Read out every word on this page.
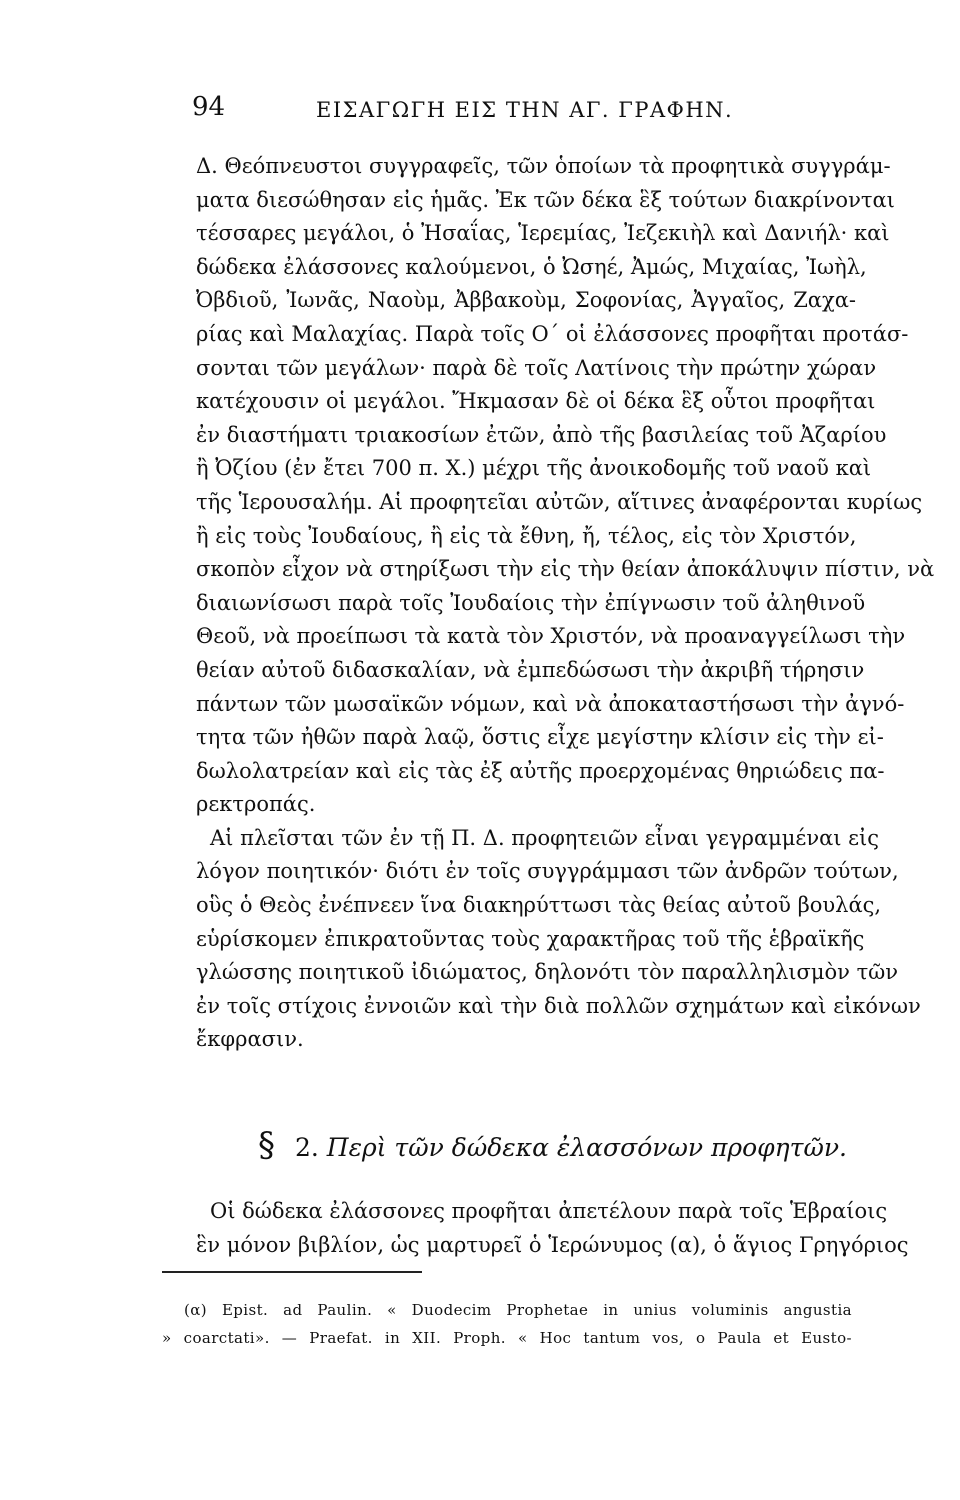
94	ΕΙΣΑΓΩΓΗ ΕΙΣ ΤΗΝ ΑΓ. ΓΡΑΦΗΝ.
Δ. Θεόπνευστοι συγγραφεῖς, τῶν ὁποίων τὰ προφητικὰ συγγράμ-
ματα διεσώθησαν εἰς ἡμᾶς. Ἐκ τῶν δέκα ἓξ τούτων διακρίνονται
τέσσαρες μεγάλοι, ὁ Ἠσαΐας, Ἱερεμίας, Ἰεζεκιὴλ καὶ Δανιήλ· καὶ
δώδεκα ἐλάσσονες καλούμενοι, ὁ Ὠσηέ, Ἀμώς, Μιχαίας, Ἰωὴλ,
Ὀβδιοῦ, Ἰωνᾶς, Ναοὺμ, Ἀββακοὺμ, Σοφονίας, Ἀγγαῖος, Ζαχα-
ρίας καὶ Μαλαχίας. Παρὰ τοῖς Ο΄ οἱ ἐλάσσονες προφῆται προτάσ-
σονται τῶν μεγάλων· παρὰ δὲ τοῖς Λατίνοις τὴν πρώτην χώραν
κατέχουσιν οἱ μεγάλοι. Ἤκμασαν δὲ οἱ δέκα ἓξ οὗτοι προφῆται
ἐν διαστήματι τριακοσίων ἐτῶν, ἀπὸ τῆς βασιλείας τοῦ Ἀζαρίου
ἢ Ὀζίου (ἐν ἔτει 700 π. Χ.) μέχρι τῆς ἀνοικοδομῆς τοῦ ναοῦ καὶ
τῆς Ἱερουσαλήμ. Αἱ προφητεῖαι αὐτῶν, αἵτινες ἀναφέρονται κυρίως
ἢ εἰς τοὺς Ἰουδαίους, ἢ εἰς τὰ ἔθνη, ἤ, τέλος, εἰς τὸν Χριστόν,
σκοπὸν εἶχον νὰ στηρίξωσι τὴν εἰς τὴν θείαν ἀποκάλυψιν πίστιν, νὰ
διαιωνίσωσι παρὰ τοῖς Ἰουδαίοις τὴν ἐπίγνωσιν τοῦ ἀληθινοῦ
Θεοῦ, νὰ προείπωσι τὰ κατὰ τὸν Χριστόν, νὰ προαναγγείλωσι τὴν
θείαν αὐτοῦ διδασκαλίαν, νὰ ἐμπεδώσωσι τὴν ἀκριβῆ τήρησιν
πάντων τῶν μωσαϊκῶν νόμων, καὶ νὰ ἀποκαταστήσωσι τὴν ἀγνό-
τητα τῶν ἠθῶν παρὰ λαῷ, ὅστις εἶχε μεγίστην κλίσιν εἰς τὴν εἰ-
δωλολατρείαν καὶ εἰς τὰς ἐξ αὐτῆς προερχομένας θηριώδεις πα-
ρεκτροπάς.
Αἱ πλεῖσται τῶν ἐν τῇ Π. Δ. προφητειῶν εἶναι γεγραμμέναι εἰς
λόγον ποιητικόν· διότι ἐν τοῖς συγγράμμασι τῶν ἀνδρῶν τούτων,
οὓς ὁ Θεὸς ἐνέπνεεν ἵνα διακηρύττωσι τὰς θείας αὐτοῦ βουλάς,
εὑρίσκομεν ἐπικρατοῦντας τοὺς χαρακτῆρας τοῦ τῆς ἑβραϊκῆς
γλώσσης ποιητικοῦ ἰδιώματος, δηλονότι τὸν παραλληλισμὸν τῶν
ἐν τοῖς στίχοις ἐννοιῶν καὶ τὴν διὰ πολλῶν σχημάτων καὶ εἰκόνων
ἔκφρασιν.
§ 2. Περὶ τῶν δώδεκα ἐλασσόνων προφητῶν.
Οἱ δώδεκα ἐλάσσονες προφῆται ἀπετέλουν παρὰ τοῖς Ἑβραίοις
ἓν μόνον βιβλίον, ὡς μαρτυρεῖ ὁ Ἱερώνυμος (α), ὁ ἅγιος Γρηγόριος
(α) Epist. ad Paulin. « Duodecim Prophetae in unius voluminis angustia
» coarctati». — Praefat. in XII. Proph. « Hoc tantum vos, o Paula et Eusto-
